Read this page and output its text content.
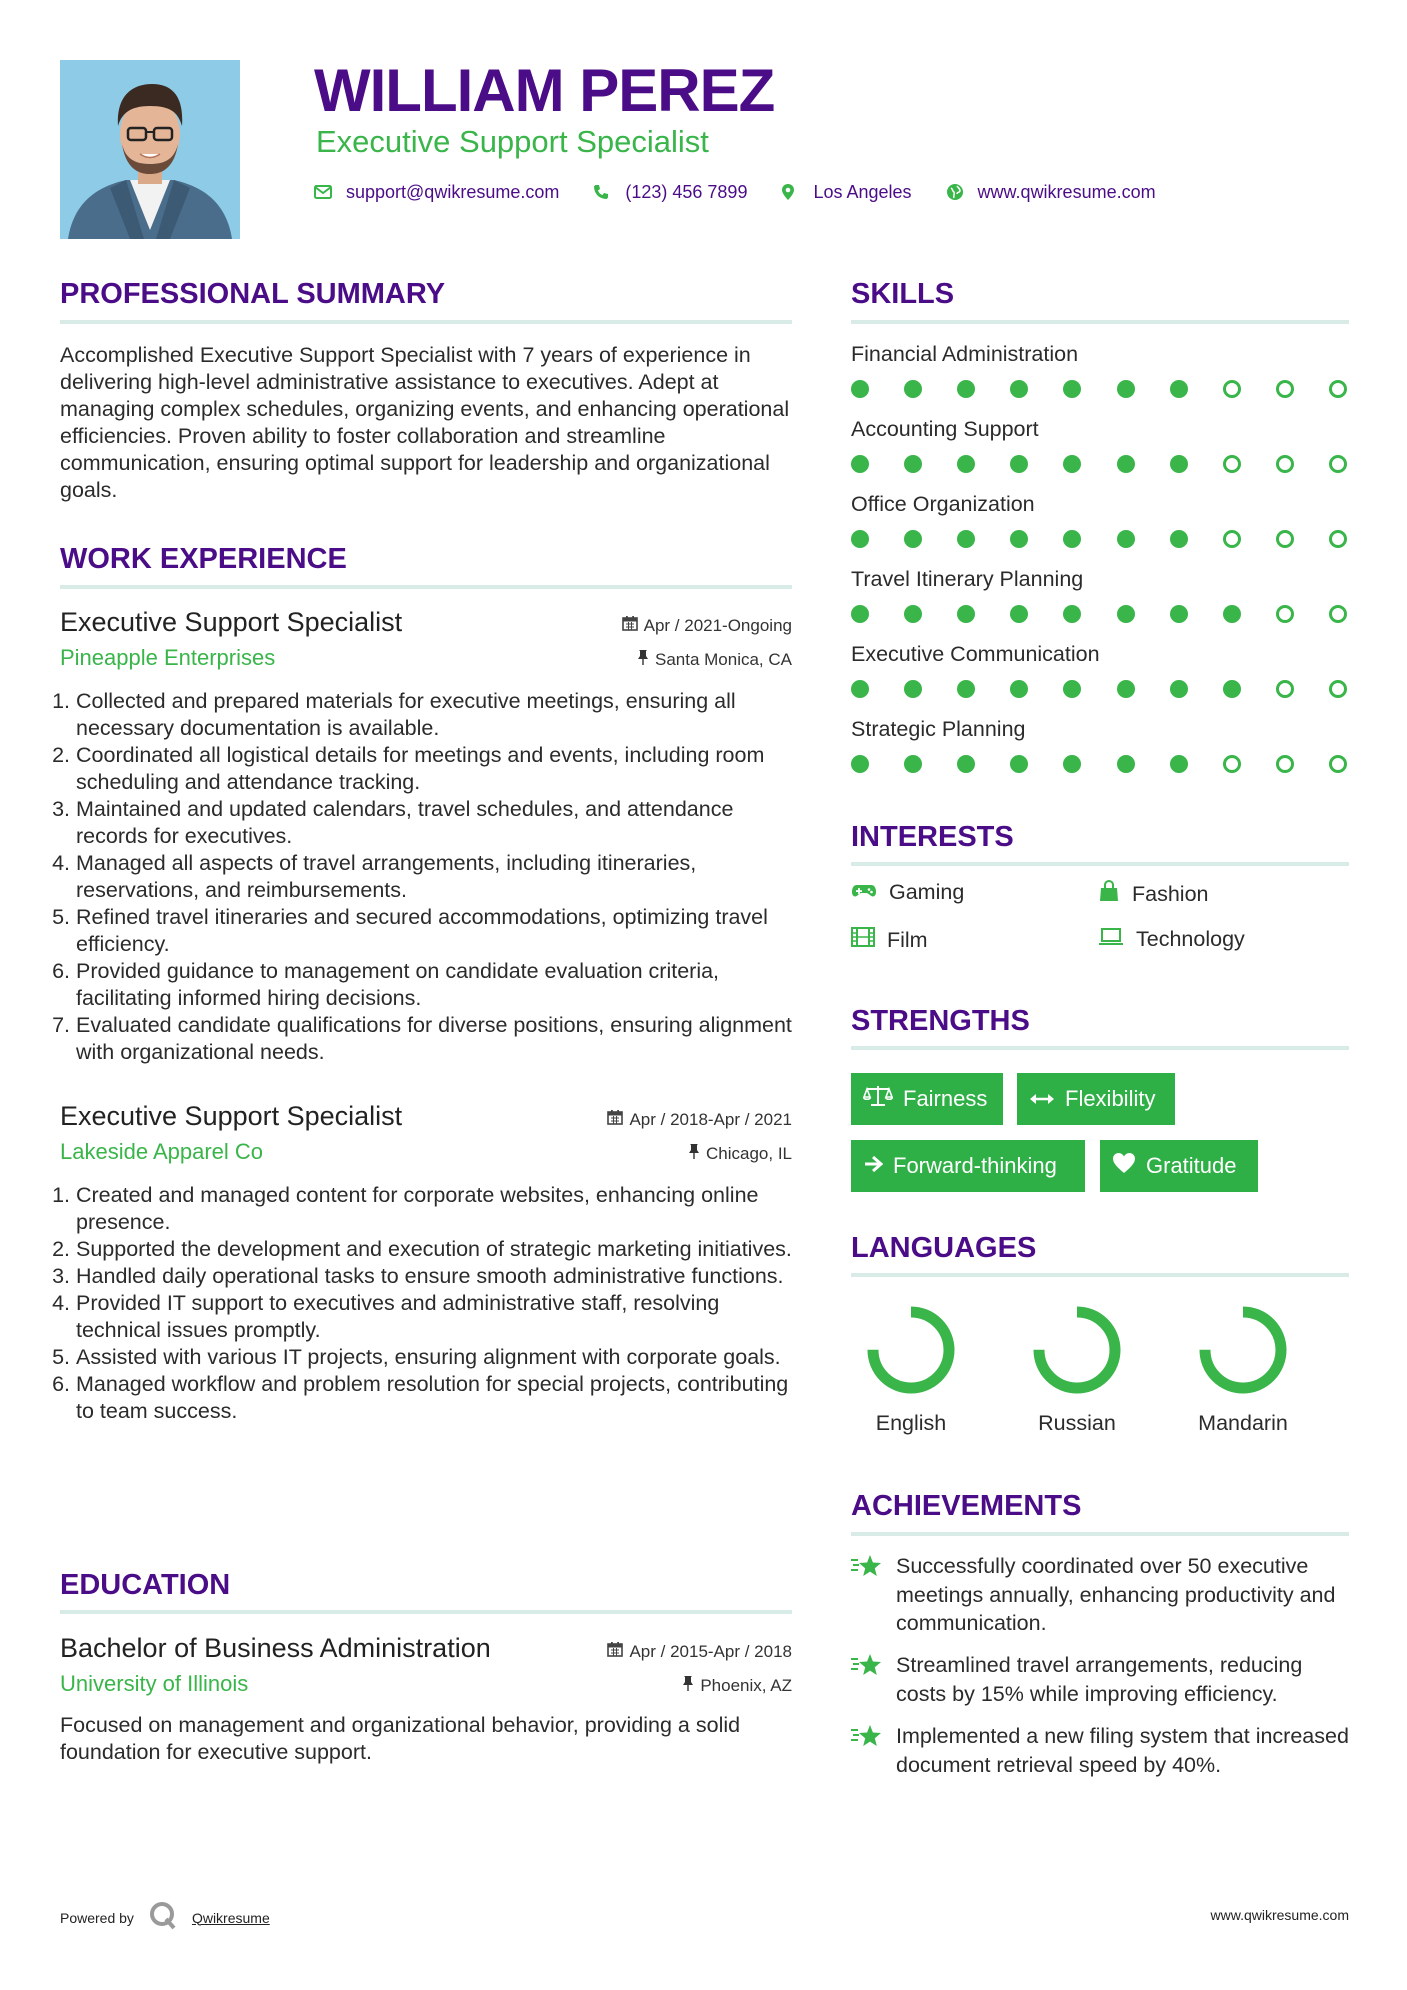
WILLIAM PEREZ
Executive Support Specialist
support@qwikresume.com	(123) 456 7899	Los Angeles	www.qwikresume.com
PROFESSIONAL SUMMARY
Accomplished Executive Support Specialist with 7 years of experience in delivering high-level administrative assistance to executives. Adept at managing complex schedules, organizing events, and enhancing operational efficiencies. Proven ability to foster collaboration and streamline communication, ensuring optimal support for leadership and organizational goals.
WORK EXPERIENCE
Executive Support Specialist
Pineapple Enterprises
Apr / 2021-Ongoing
Santa Monica, CA
1. Collected and prepared materials for executive meetings, ensuring all necessary documentation is available.
2. Coordinated all logistical details for meetings and events, including room scheduling and attendance tracking.
3. Maintained and updated calendars, travel schedules, and attendance records for executives.
4. Managed all aspects of travel arrangements, including itineraries, reservations, and reimbursements.
5. Refined travel itineraries and secured accommodations, optimizing travel efficiency.
6. Provided guidance to management on candidate evaluation criteria, facilitating informed hiring decisions.
7. Evaluated candidate qualifications for diverse positions, ensuring alignment with organizational needs.
Executive Support Specialist
Lakeside Apparel Co
Apr / 2018-Apr / 2021
Chicago, IL
1. Created and managed content for corporate websites, enhancing online presence.
2. Supported the development and execution of strategic marketing initiatives.
3. Handled daily operational tasks to ensure smooth administrative functions.
4. Provided IT support to executives and administrative staff, resolving technical issues promptly.
5. Assisted with various IT projects, ensuring alignment with corporate goals.
6. Managed workflow and problem resolution for special projects, contributing to team success.
EDUCATION
Bachelor of Business Administration
University of Illinois
Apr / 2015-Apr / 2018
Phoenix, AZ
Focused on management and organizational behavior, providing a solid foundation for executive support.
SKILLS
Financial Administration
Accounting Support
Office Organization
Travel Itinerary Planning
Executive Communication
Strategic Planning
INTERESTS
Gaming	Fashion
Film	Technology
STRENGTHS
Fairness	Flexibility
Forward-thinking	Gratitude
LANGUAGES
English	Russian	Mandarin
ACHIEVEMENTS
Successfully coordinated over 50 executive meetings annually, enhancing productivity and communication.
Streamlined travel arrangements, reducing costs by 15% while improving efficiency.
Implemented a new filing system that increased document retrieval speed by 40%.
Powered by	Qwikresume	www.qwikresume.com
